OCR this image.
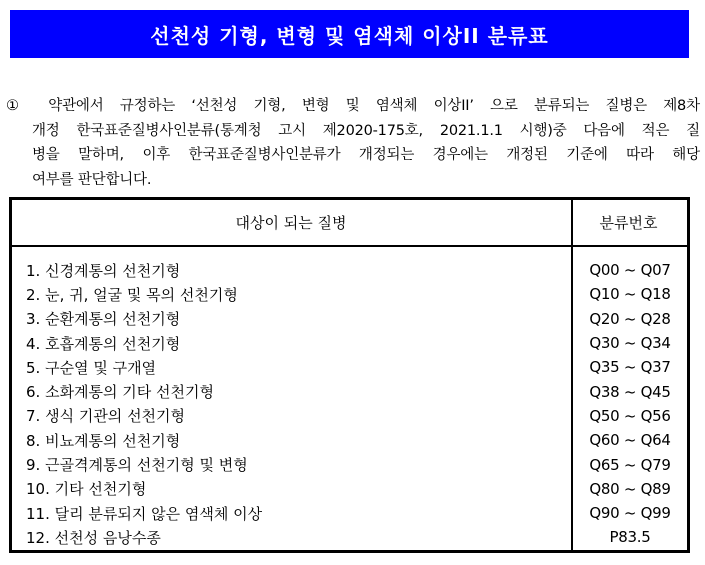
선천성 기형, 변형 및 염색체 이상II 분류표
①	약관에서 규정하는 ‘선천성 기형, 변형 및 염색체 이상II’ 으로 분류되는 질병은 제8차
개정 한국표준질병사인분류(통계청 고시 제2020-175호, 2021.1.1 시행)중 다음에 적은 질
병을 말하며, 이후 한국표준질병사인분류가 개정되는 경우에는 개정된 기준에 따라 해당
여부를 판단합니다.
대상이 되는 질병	분류번호
1. 신경계통의 선천기형	Q00 ~ Q07
2. 눈, 귀, 얼굴 및 목의 선천기형	Q10 ~ Q18
3. 순환계통의 선천기형	Q20 ~ Q28
4. 호흡계통의 선천기형	Q30 ~ Q34
5. 구순열 및 구개열	Q35 ~ Q37
6. 소화계통의 기타 선천기형	Q38 ~ Q45
7. 생식 기관의 선천기형	Q50 ~ Q56
8. 비뇨계통의 선천기형	Q60 ~ Q64
9. 근골격계통의 선천기형 및 변형	Q65 ~ Q79
10. 기타 선천기형	Q80 ~ Q89
11. 달리 분류되지 않은 염색체 이상	Q90 ~ Q99
12. 선천성 음낭수종	P83.5
